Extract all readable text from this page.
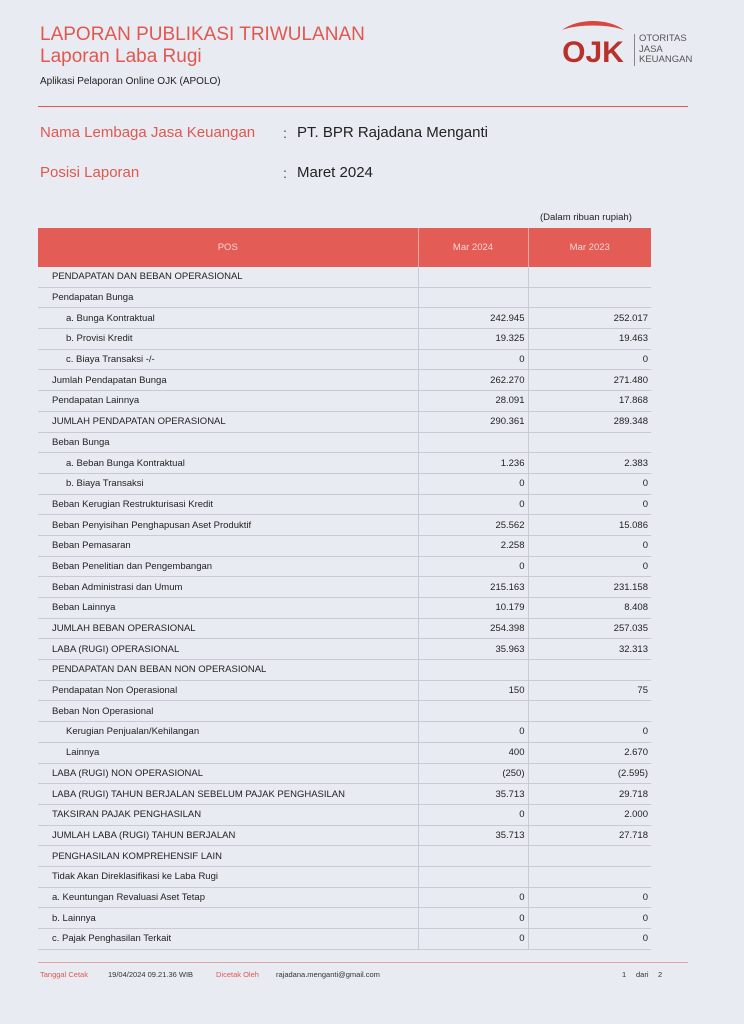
LAPORAN PUBLIKASI TRIWULANAN
Laporan Laba Rugi
Aplikasi Pelaporan Online OJK (APOLO)
OJK OTORITAS
JASA
KEUANGAN
Nama Lembaga Jasa Keuangan : PT. BPR Rajadana Menganti
Posisi Laporan	: Maret 2024
(Dalam ribuan rupiah)
POS	Mar 2024	Mar 2023
PENDAPATAN DAN BEBAN OPERASIONAL		
Pendapatan Bunga		
a. Bunga Kontraktual	242.945	252.017
b. Provisi Kredit	19.325	19.463
c. Biaya Transaksi -/-	0	0
Jumlah Pendapatan Bunga	262.270	271.480
Pendapatan Lainnya	28.091	17.868
JUMLAH PENDAPATAN OPERASIONAL	290.361	289.348
Beban Bunga		
a. Beban Bunga Kontraktual	1.236	2.383
b. Biaya Transaksi	0	0
Beban Kerugian Restrukturisasi Kredit	0	0
Beban Penyisihan Penghapusan Aset Produktif	25.562	15.086
Beban Pemasaran	2.258	0
Beban Penelitian dan Pengembangan	0	0
Beban Administrasi dan Umum	215.163	231.158
Beban Lainnya	10.179	8.408
JUMLAH BEBAN OPERASIONAL	254.398	257.035
LABA (RUGI) OPERASIONAL	35.963	32.313
PENDAPATAN DAN BEBAN NON OPERASIONAL		
Pendapatan Non Operasional	150	75
Beban Non Operasional		
Kerugian Penjualan/Kehilangan	0	0
Lainnya	400	2.670
LABA (RUGI) NON OPERASIONAL	(250)	(2.595)
LABA (RUGI) TAHUN BERJALAN SEBELUM PAJAK PENGHASILAN	35.713	29.718
TAKSIRAN PAJAK PENGHASILAN	0	2.000
JUMLAH LABA (RUGI) TAHUN BERJALAN	35.713	27.718
PENGHASILAN KOMPREHENSIF LAIN		
Tidak Akan Direklasifikasi ke Laba Rugi		
a. Keuntungan Revaluasi Aset Tetap	0	0
b. Lainnya	0	0
c. Pajak Penghasilan Terkait	0	0
Tanggal Cetak	19/04/2024 09.21.36 WIB	Dicetak Oleh rajadana.menganti@gmail.com	1 dari 2
